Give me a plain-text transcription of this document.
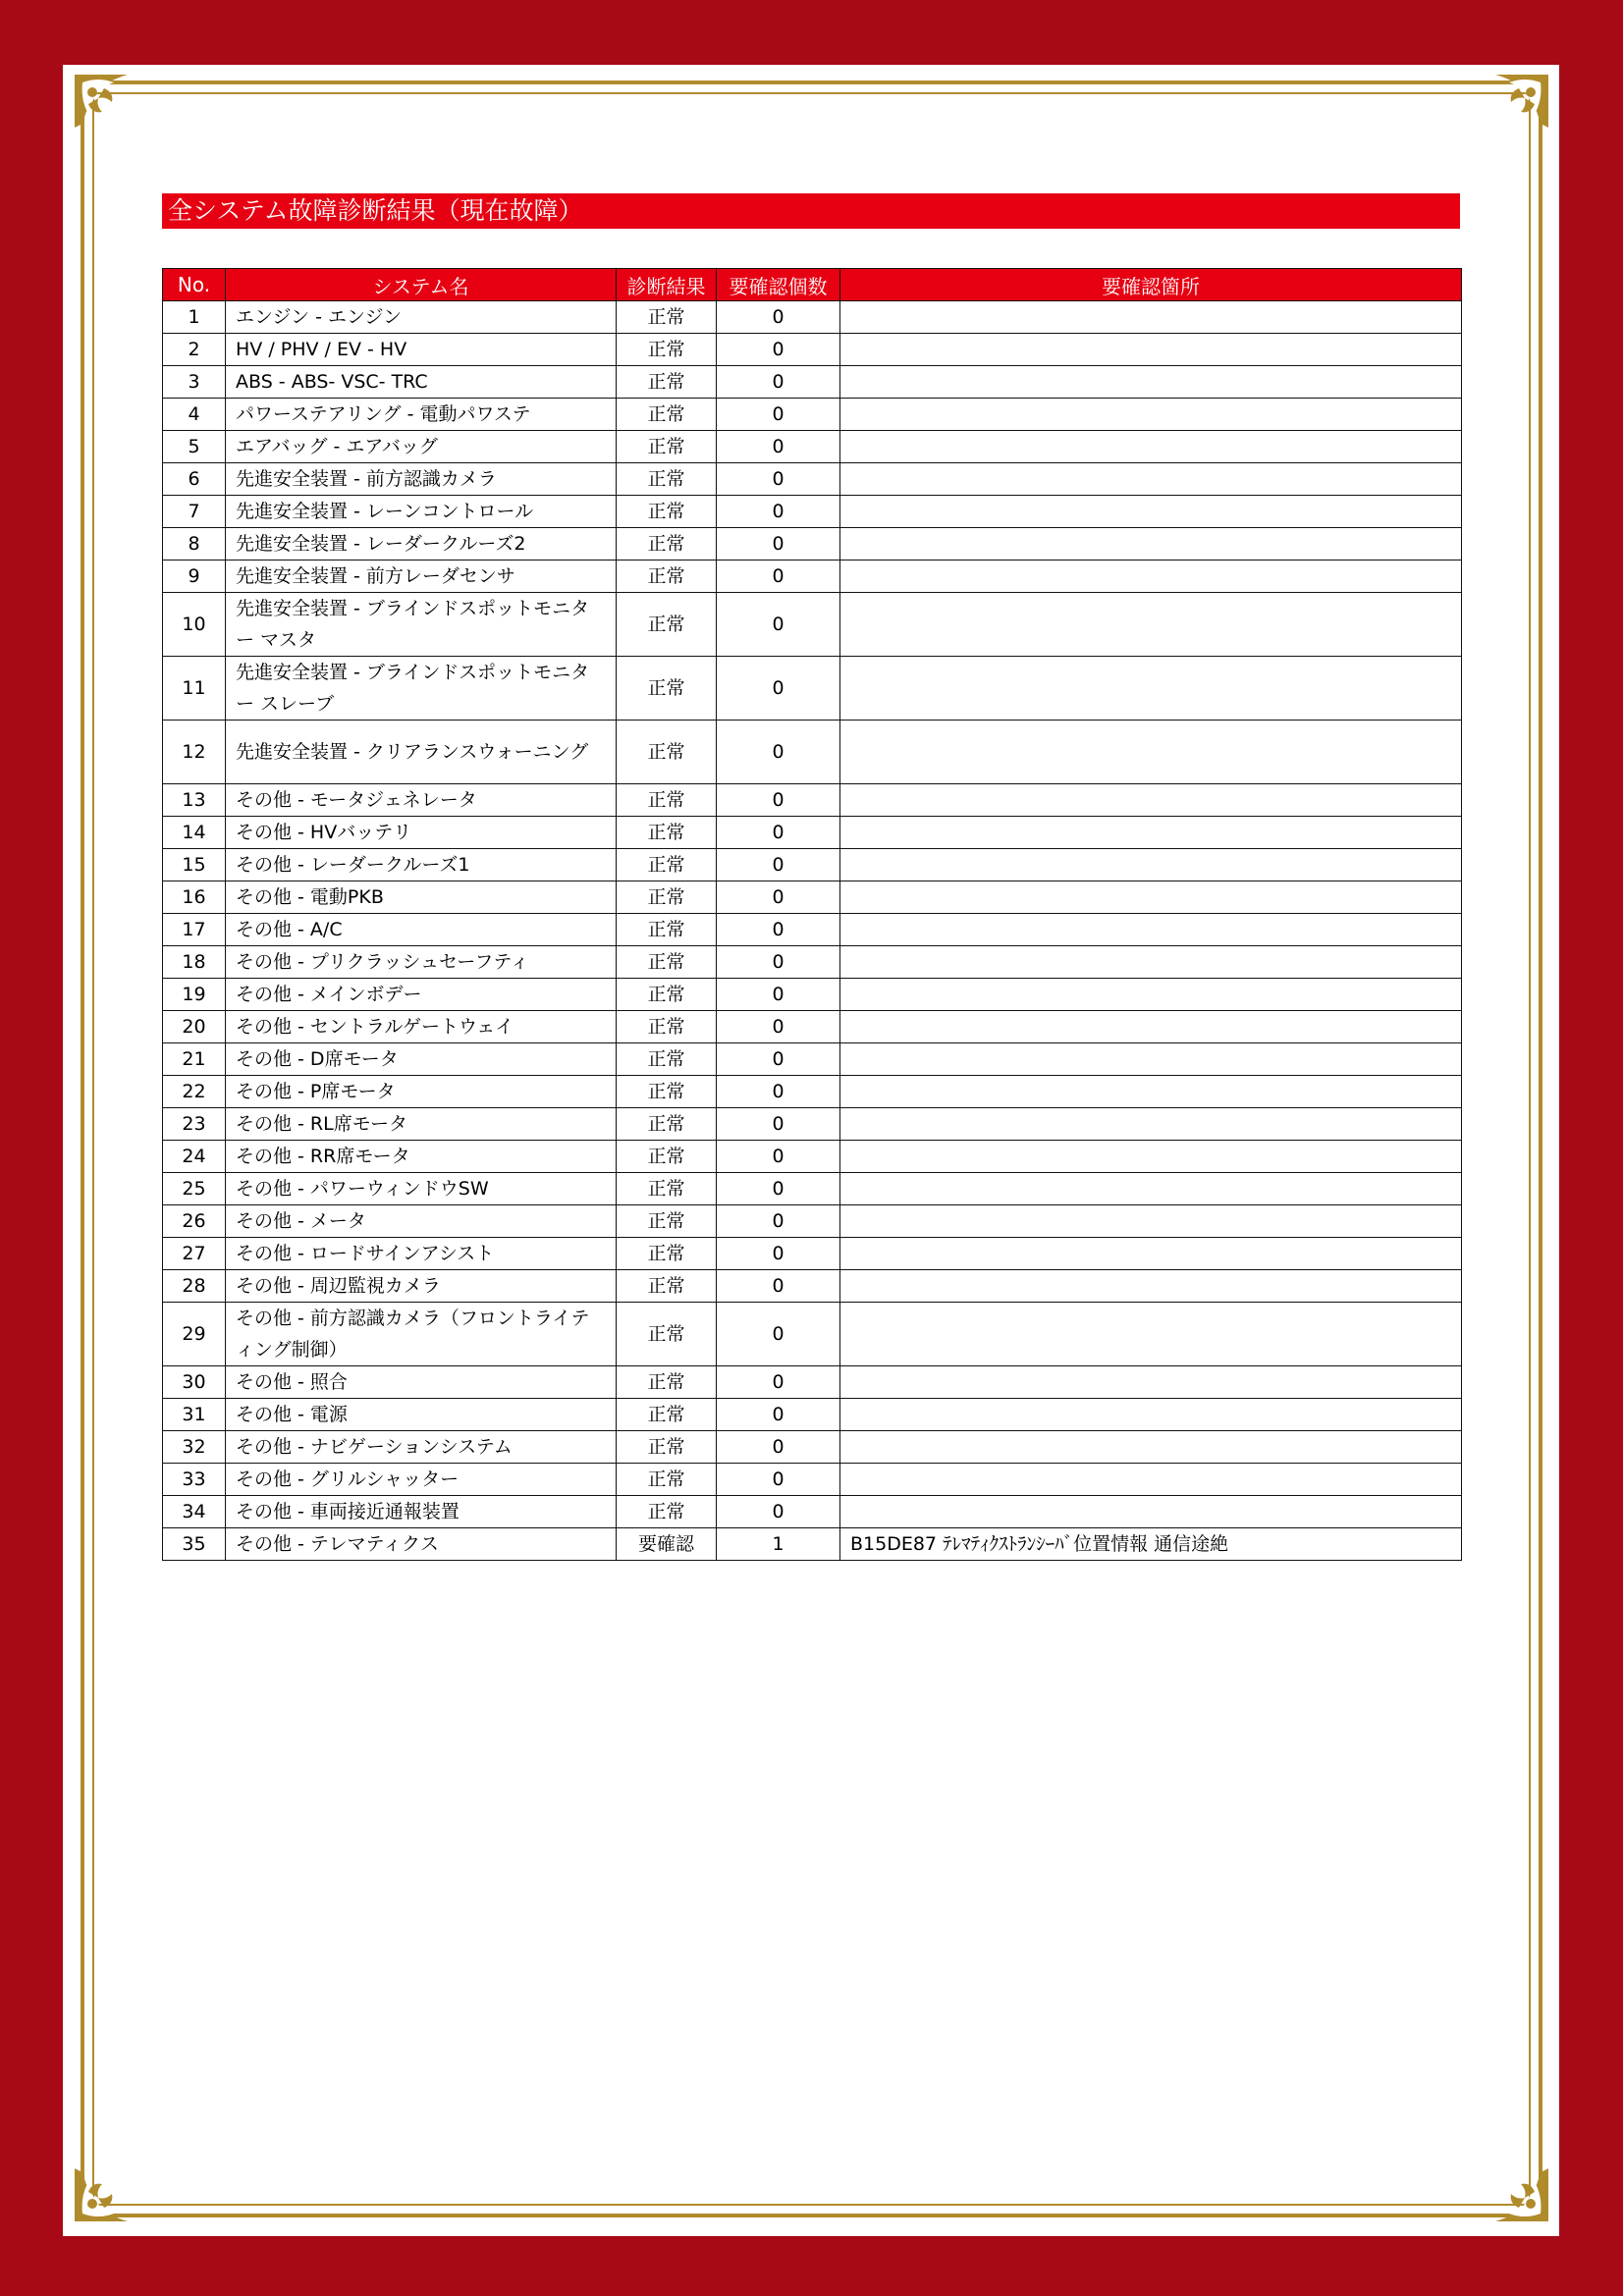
全システム故障診断結果（現在故障）
No.	システム名	診断結果	要確認個数	要確認箇所
1	エンジン - エンジン	正常	0	
2	HV / PHV / EV - HV	正常	0	
3	ABS - ABS- VSC- TRC	正常	0	
4	パワーステアリング - 電動パワステ	正常	0	
5	エアバッグ - エアバッグ	正常	0	
6	先進安全装置 - 前方認識カメラ	正常	0	
7	先進安全装置 - レーンコントロール	正常	0	
8	先進安全装置 - レーダークルーズ2	正常	0	
9	先進安全装置 - 前方レーダセンサ	正常	0	
10	先進安全装置 - ブラインドスポットモニター マスタ	正常	0	
11	先進安全装置 - ブラインドスポットモニター スレーブ	正常	0	
12	先進安全装置 - クリアランスウォーニング	正常	0	
13	その他 - モータジェネレータ	正常	0	
14	その他 - HVバッテリ	正常	0	
15	その他 - レーダークルーズ1	正常	0	
16	その他 - 電動PKB	正常	0	
17	その他 - A/C	正常	0	
18	その他 - プリクラッシュセーフティ	正常	0	
19	その他 - メインボデー	正常	0	
20	その他 - セントラルゲートウェイ	正常	0	
21	その他 - D席モータ	正常	0	
22	その他 - P席モータ	正常	0	
23	その他 - RL席モータ	正常	0	
24	その他 - RR席モータ	正常	0	
25	その他 - パワーウィンドウSW	正常	0	
26	その他 - メータ	正常	0	
27	その他 - ロードサインアシスト	正常	0	
28	その他 - 周辺監視カメラ	正常	0	
29	その他 - 前方認識カメラ（フロントライティング制御）	正常	0	
30	その他 - 照合	正常	0	
31	その他 - 電源	正常	0	
32	その他 - ナビゲーションシステム	正常	0	
33	その他 - グリルシャッター	正常	0	
34	その他 - 車両接近通報装置	正常	0	
35	その他 - テレマティクス	要確認	1	B15DE87 ﾃﾚﾏﾃｨｸｽﾄﾗﾝｼｰﾊﾞ位置情報 通信途絶
